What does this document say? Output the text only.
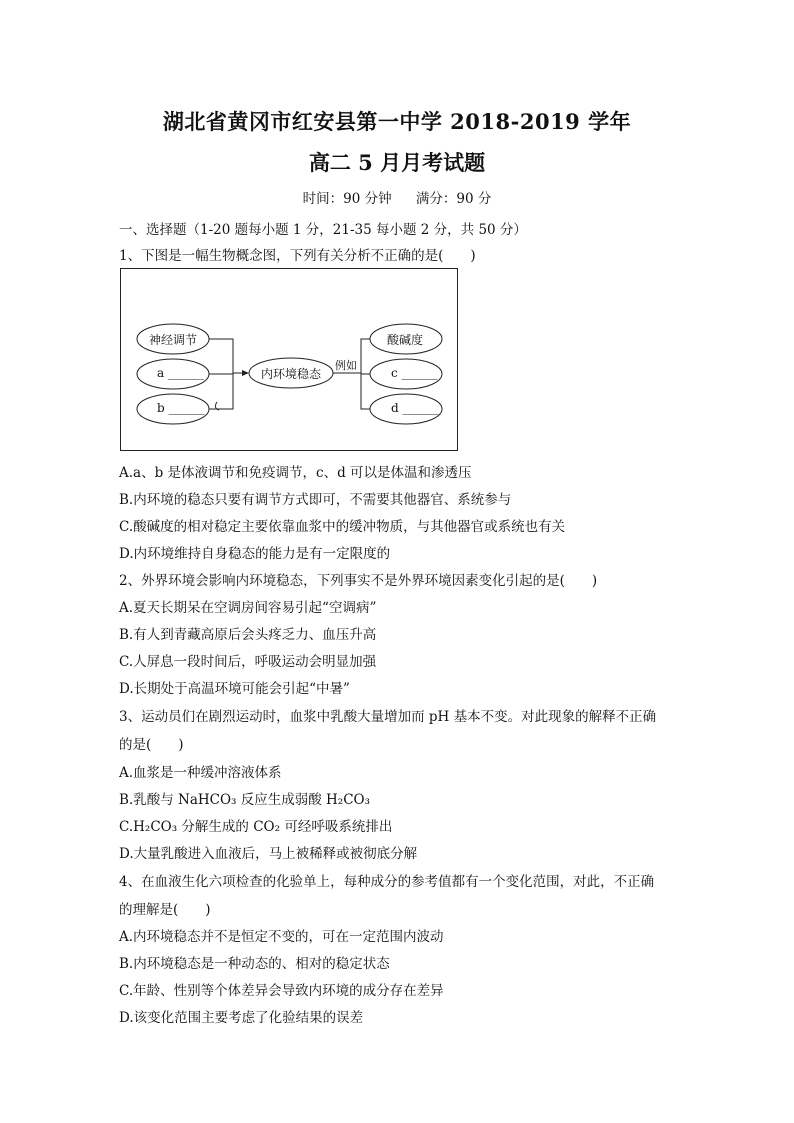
湖北省黄冈市红安县第一中学 2018-2019 学年
高二 5 月月考试题
时间：90 分钟 满分：90 分
一、选择题（1-20 题每小题 1 分，21-35 每小题 2 分，共 50 分）
1、下图是一幅生物概念图，下列有关分析不正确的是(　　)
神经调节
a ______
b ______
内环境稳态
例如
酸碱度
c ______
d ______
A.a、b 是体液调节和免疫调节，c、d 可以是体温和渗透压
B.内环境的稳态只要有调节方式即可，不需要其他器官、系统参与
C.酸碱度的相对稳定主要依靠血浆中的缓冲物质，与其他器官或系统也有关
D.内环境维持自身稳态的能力是有一定限度的
2、外界环境会影响内环境稳态，下列事实不是外界环境因素变化引起的是(　　)
A.夏天长期呆在空调房间容易引起“空调病”
B.有人到青藏高原后会头疼乏力、血压升高
C.人屏息一段时间后，呼吸运动会明显加强
D.长期处于高温环境可能会引起“中暑”
3、运动员们在剧烈运动时，血浆中乳酸大量增加而 pH 基本不变。对此现象的解释不正确
的是(　　)
A.血浆是一种缓冲溶液体系
B.乳酸与 NaHCO₃ 反应生成弱酸 H₂CO₃
C.H₂CO₃ 分解生成的 CO₂ 可经呼吸系统排出
D.大量乳酸进入血液后，马上被稀释或被彻底分解
4、在血液生化六项检查的化验单上，每种成分的参考值都有一个变化范围，对此，不正确
的理解是(　　)
A.内环境稳态并不是恒定不变的，可在一定范围内波动
B.内环境稳态是一种动态的、相对的稳定状态
C.年龄、性别等个体差异会导致内环境的成分存在差异
D.该变化范围主要考虑了化验结果的误差
